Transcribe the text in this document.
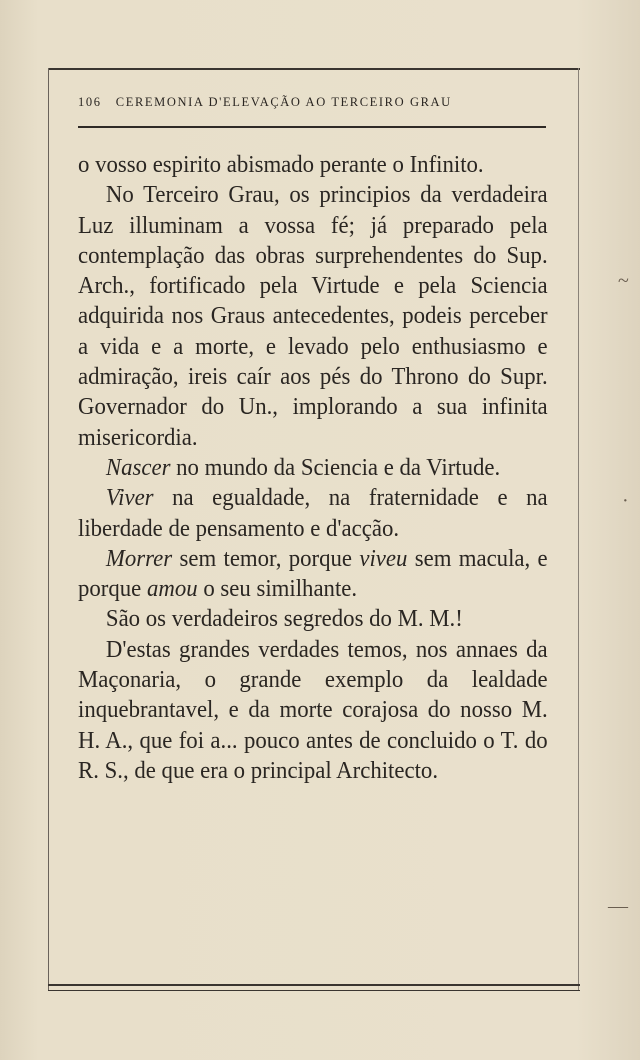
106 CEREMONIA D'ELEVAÇÃO AO TERCEIRO GRAU

o vosso espirito abismado perante o Infinito.

No Terceiro Grau, os principios da verdadeira Luz illuminam a vossa fé; já preparado pela contemplação das obras surprehendentes do Sup. Arch., fortificado pela Virtude e pela Sciencia adquirida nos Graus antecedentes, podeis perceber a vida e a morte, e levado pelo enthusiasmo e admiração, ireis caír aos pés do Throno do Supr. Governador do Un., implorando a sua infinita misericordia.

Nascer no mundo da Sciencia e da Virtude.

Viver na egualdade, na fraternidade e na liberdade de pensamento e d'acção.

Morrer sem temor, porque viveu sem macula, e porque amou o seu similhante.

São os verdadeiros segredos do M. M.!

D'estas grandes verdades temos, nos annaes da Maçonaria, o grande exemplo da lealdade inquebrantavel, e da morte corajosa do nosso M. H. A., que foi a... pouco antes de concluido o T. do R. S., de que era o principal Architecto.

~
·
—
